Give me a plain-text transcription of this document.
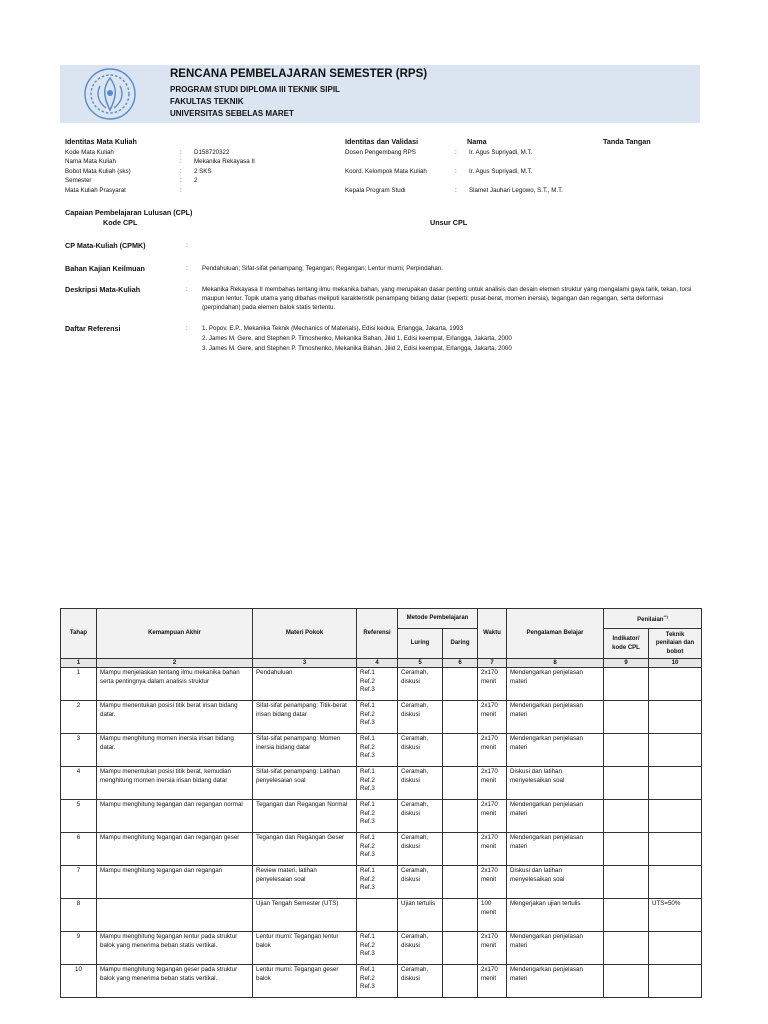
RENCANA PEMBELAJARAN SEMESTER (RPS)
PROGRAM STUDI DIPLOMA III TEKNIK SIPIL
FAKULTAS TEKNIK
UNIVERSITAS SEBELAS MARET
Identitas Mata Kuliah
Kode Mata Kuliah	: D158720322
Nama Mata Kuliah	: Mekanika Rekayasa II
Bobot Mata Kuliah (sks)	: 2 SKS
Semester	: 2
Mata Kuliah Prasyarat	:
Identitas dan Validasi	Nama	Tanda Tangan
Dosen Pengembang RPS	: Ir. Agus Supriyadi, M.T.
Koord. Kelompok Mata Kuliah	: Ir. Agus Supriyadi, M.T.
Kepala Program Studi	: Slamet Jauhari Legowo, S.T., M.T.
Capaian Pembelajaran Lulusan (CPL)
Kode CPL	Unsur CPL
CP Mata-Kuliah (CPMK)	:
Bahan Kajian Keilmuan	: Pendahuluan; Sifat-sifat penampang; Tegangan; Regangan; Lentur murni; Perpindahan.
Deskripsi Mata-Kuliah	: Mekanika Rekayasa II membahas tentang ilmu mekanika bahan, yang merupakan dasar penting untuk analisis dan desain elemen struktur yang mengalami gaya tarik, tekan, torsi maupun lentur. Topik utama yang dibahas meliputi karakteristik penampang bidang datar (seperti: pusat-berat, momen inersia), tegangan dan regangan, serta deformasi (perpindahan) pada elemen balok statis tertentu.
Daftar Referensi	: 1. Popov, E.P., Mekanika Teknik (Mechanics of Materials), Edisi kedua, Erlangga, Jakarta, 1993
2. James M. Gere, and Stephen P. Timoshenko, Mekanika Bahan, Jilid 1, Edisi keempat, Erlangga, Jakarta, 2000
3. James M. Gere, and Stephen P. Timoshenko, Mekanika Bahan, Jilid 2, Edisi keempat, Erlangga, Jakarta, 2000
Tahap	Kemampuan Akhir	Materi Pokok	Referensi	Metode Pembelajaran		Waktu	Pengalaman Belajar	Penilaian**)
				Luring	Daring			Indikator/ kode CPL	Teknik penilaian dan bobot
1	2	3	4	5	6	7	8	9	10
1	Mampu menjelaskan tentang ilmu mekanika bahan serta pentingnya dalam analisis struktur	Pendahuluan	Ref.1
Ref.2
Ref.3	Ceramah, diskusi		2x170 menit	Mendengarkan penjelasan materi		
2	Mampu menentukan posisi titik berat irisan bidang datar.	Sifat-sifat penampang: Titik-berat irisan bidang datar	Ref.1
Ref.2
Ref.3	Ceramah, diskusi		2x170 menit	Mendengarkan penjelasan materi		
3	Mampu menghitung momen inersia irisan bidang datar.	Sifat-sifat penampang: Momen inersia bidang datar	Ref.1
Ref.2
Ref.3	Ceramah, diskusi		2x170 menit	Mendengarkan penjelasan materi		
4	Mampu menentukan posisi titik berat, kemudian menghitung momen inersia irisan bidang datar	Sifat-sifat penampang: Latihan penyelesaian soal	Ref.1
Ref.2
Ref.3	Ceramah, diskusi		2x170 menit	Diskusi dan latihan menyelesaikan soal		
5	Mampu menghitung tegangan dan regangan normal	Tegangan dan Regangan Normal	Ref.1
Ref.2
Ref.3	Ceramah, diskusi		2x170 menit	Mendengarkan penjelasan materi		
6	Mampu menghitung tegangan dan regangan geser	Tegangan dan Regangan Geser	Ref.1
Ref.2
Ref.3	Ceramah, diskusi		2x170 menit	Mendengarkan penjelasan materi		
7	Mampu menghitung tegangan dan regangan	Review materi, latihan penyelesaian soal	Ref.1
Ref.2
Ref.3	Ceramah, diskusi		2x170 menit	Diskusi dan latihan menyelesaikan soal		
8		Ujian Tengah Semester (UTS)		Ujian tertulis		100 menit	Mengerjakan ujian tertulis		UTS=50%
9	Mampu menghitung tegangan lentur pada struktur balok yang menerima beban statis vertikal.	Lentur murni: Tegangan lentur balok	Ref.1
Ref.2
Ref.3	Ceramah, diskusi		2x170 menit	Mendengarkan penjelasan materi		
10	Mampu menghitung tegangan geser pada struktur balok yang menerima beban statis vertikal.	Lentur murni: Tegangan geser balok	Ref.1
Ref.2
Ref.3	Ceramah, diskusi		2x170 menit	Mendengarkan penjelasan materi		
